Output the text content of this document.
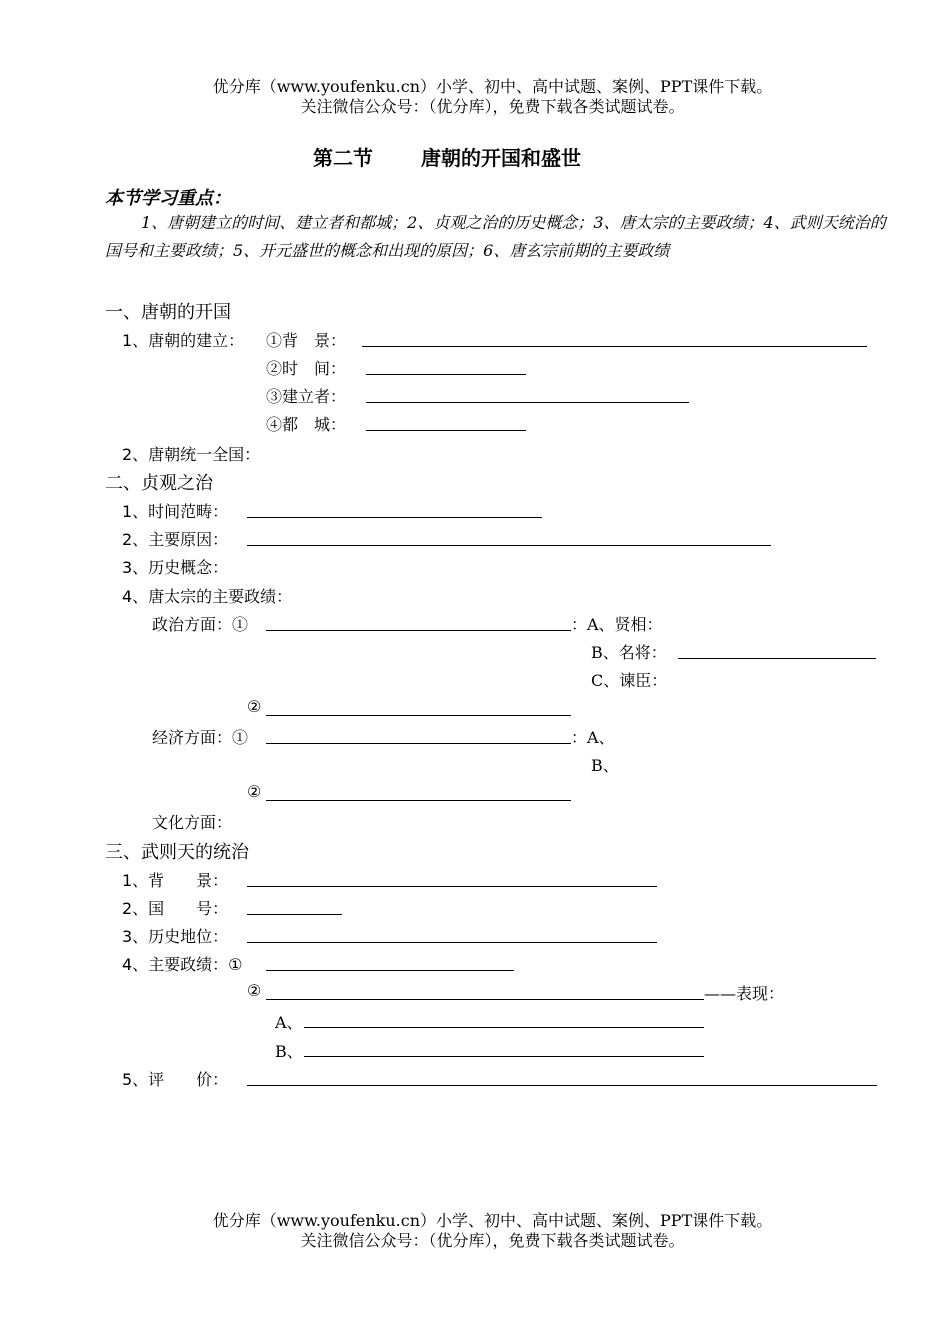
优分库（www.youfenku.cn）小学、初中、高中试题、案例、PPT课件下载。
关注微信公众号：（优分库），免费下载各类试题试卷。
第二节 唐朝的开国和盛世
本节学习重点：
1、唐朝建立的时间、建立者和都城；2、贞观之治的历史概念；3、唐太宗的主要政绩；4、武则天统治的国号和主要政绩；5、开元盛世的概念和出现的原因；6、唐玄宗前期的主要政绩
一、唐朝的开国
1、唐朝的建立： ①背　景：
②时　间：
③建立者：
④都　城：
2、唐朝统一全国：
二、贞观之治
1、时间范畴：
2、主要原因：
3、历史概念：
4、唐太宗的主要政绩：
政治方面：①	：A、贤相：
B、名将：
C、谏臣：
②
经济方面：①	：A、
B、
②
文化方面：
三、武则天的统治
1、背　　景：
2、国　　号：
3、历史地位：
4、主要政绩：①
②	——表现：
A、
B、
5、评　　价：
优分库（www.youfenku.cn）小学、初中、高中试题、案例、PPT课件下载。
关注微信公众号：（优分库），免费下载各类试题试卷。
